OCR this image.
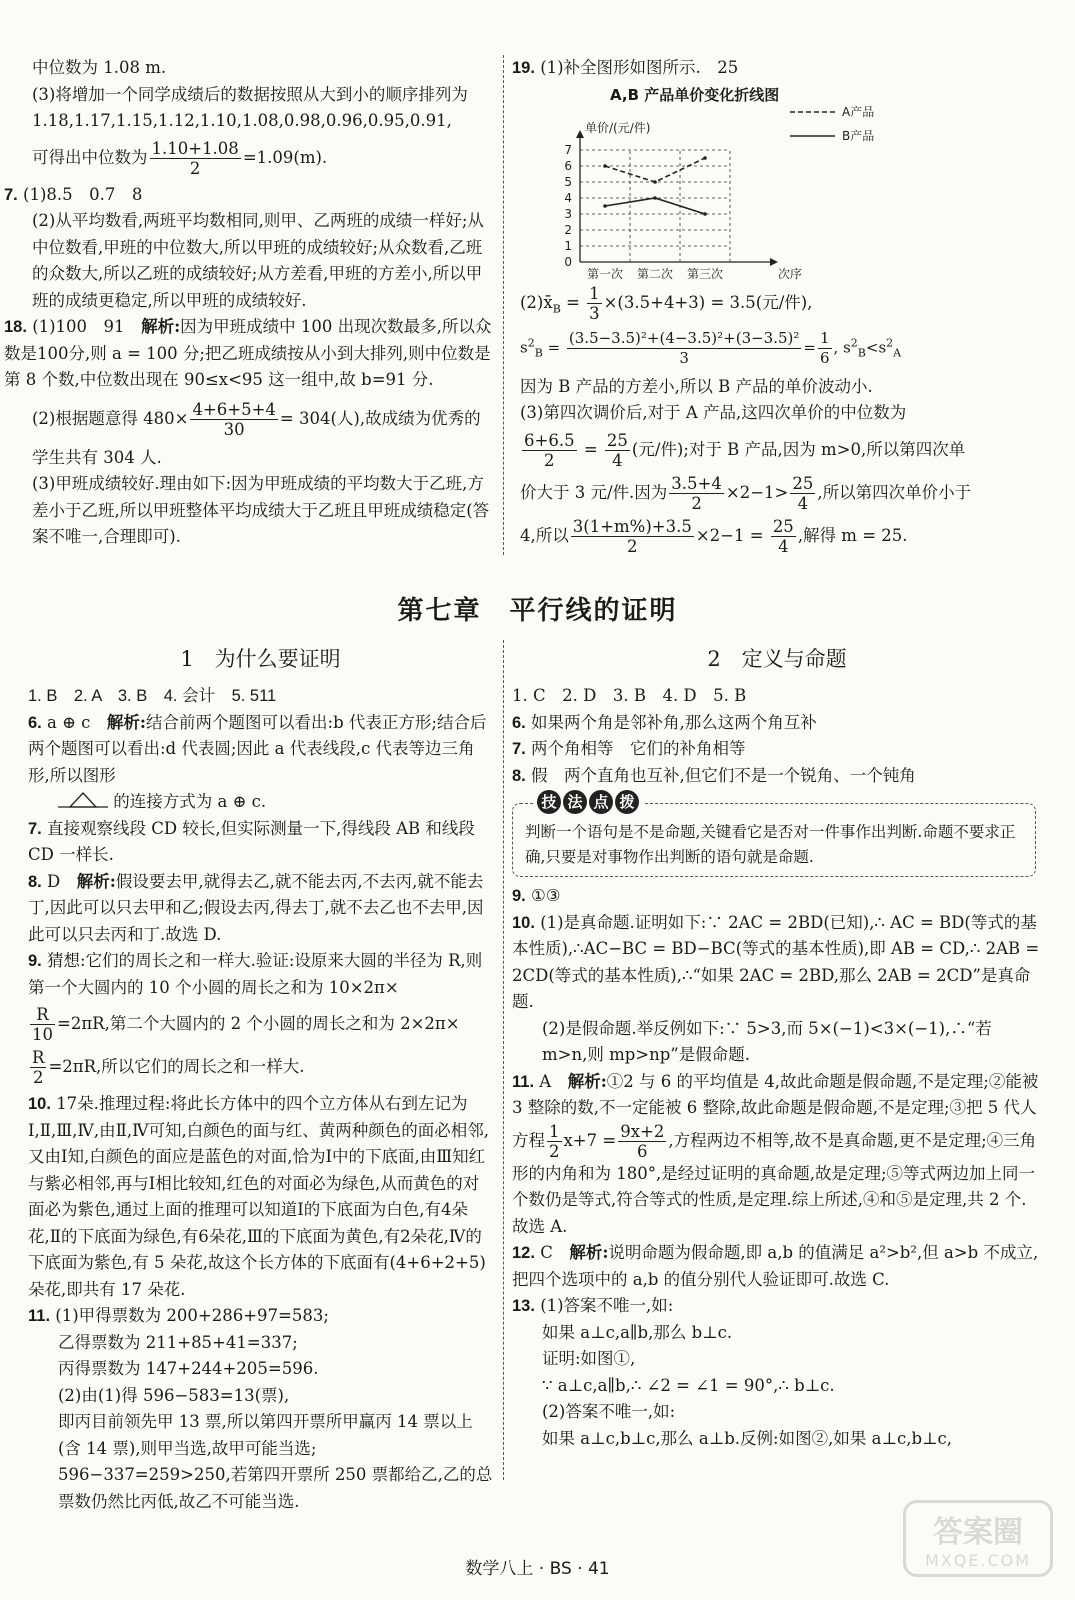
中位数为 1.08 m.

(3)将增加一个同学成绩后的数据按照从大到小的顺序排列为1.18,1.17,1.15,1.12,1.10,1.08,0.98,0.96,0.95,0.91,

可得出中位数为 $\frac{1.10+1.08}{2} =1.09(m)$.

7. (1)8.5　0.7　8

(2)从平均数看,两班平均数相同,则甲、乙两班的成绩一样好;从中位数看,甲班的中位数大,所以甲班的成绩较好;从众数看,乙班的众数大,所以乙班的成绩较好;从方差看,甲班的方差小,所以甲班的成绩更稳定,所以甲班的成绩较好.

18. (1)100　91　解析:因为甲班成绩中 100 出现次数最多,所以众数是100分,则 a = 100 分;把乙班成绩按从小到大排列,则中位数是第 8 个数,中位数出现在 90≤x<95 这一组中,故 b=91 分.

(2)根据题意得 $480\times \frac{4+6+5+4}{30} = 304$(人),故成绩为优秀的

学生共有 304 人.

(3)甲班成绩较好.理由如下:因为甲班成绩的平均数大于乙班,方差小于乙班,所以甲班整体平均成绩大于乙班且甲班成绩稳定(答案不唯一,合理即可).

19. (1)补全图形如图所示.　25

A,B 产品单价变化折线图
0
1
2
3
4
5
6
7
第一次 第二次 第三次	次序
单价/(元/件)
A产品
B产品

$(2)x̄_B = \frac{1}{3} \times(3.5+4+3) = 3.5$(元/件),

$s^2_B = \frac{\text{(3.5−3.5)²+(4−3.5)²+(3−3.5)²}}{3} = \frac{1}{6}$ , $s^2_B<s^2_A$

因为 B 产品的方差小,所以 B 产品的单价波动小.

(3)第四次调价后,对于 A 产品,这四次单价的中位数为

$\frac{6+6.5}{2} = \frac{25}{4}$ (元/件);对于 B 产品,因为 m>0,所以第四次单

价大于 3 元/件.因为 $\frac{3.5+4}{2} \times 2-1> \frac{25}{4}$ ,所以第四次单价小于

4,所以 $\frac{3(1+m\%)+3.5}{2} \times 2-1 = \frac{25}{4}$ ,解得 m = 25.

第七章　平行线的证明
1　为什么要证明	2　定义与命题

1. B　2. A　3. B　4. 会计　5. 511

6. a ⊕ c　解析:结合前两个题图可以看出:b 代表正方形;结合后两个题图可以看出:d 代表圆;因此 a 代表线段,c 代表等边三角形,所以图形

的连接方式为 a ⊕ c.

7. 直接观察线段 CD 较长,但实际测量一下,得线段 AB 和线段 CD 一样长.

8. D　解析:假设要去甲,就得去乙,就不能去丙,不去丙,就不能去丁,因此可以只去甲和乙;假设去丙,得去丁,就不去乙也不去甲,因此可以只去丙和丁.故选 D.

9. 猜想:它们的周长之和一样大.验证:设原来大圆的半径为 R,则第一个大圆内的 10 个小圆的周长之和为 10×2π×

$\frac{R}{10} =2\pi R$,第二个大圆内的 2 个小圆的周长之和为 2×2π×

$\frac{R}{2} =2\pi R$,所以它们的周长之和一样大.

10. 17朵.推理过程:将此长方体中的四个立方体从右到左记为 Ⅰ,Ⅱ,Ⅲ,Ⅳ,由Ⅱ,Ⅳ可知,白颜色的面与红、黄两种颜色的面必相邻,又由Ⅰ知,白颜色的面应是蓝色的对面,恰为Ⅰ中的下底面,由Ⅲ知红与紫必相邻,再与Ⅰ相比较知,红色的对面必为绿色,从而黄色的对面必为紫色,通过上面的推理可以知道Ⅰ的下底面为白色,有4朵花,Ⅱ的下底面为绿色,有6朵花,Ⅲ的下底面为黄色,有2朵花,Ⅳ的下底面为紫色,有 5 朵花,故这个长方体的下底面有(4+6+2+5)朵花,即共有 17 朵花.

11. (1)甲得票数为 200+286+97=583;

乙得票数为 211+85+41=337;

丙得票数为 147+244+205=596.

(2)由(1)得 596−583=13(票),

即丙目前领先甲 13 票,所以第四开票所甲赢丙 14 票以上(含 14 票),则甲当选,故甲可能当选;

596−337=259>250,若第四开票所 250 票都给乙,乙的总票数仍然比丙低,故乙不可能当选.

1. C　2. D　3. B　4. D　5. B

6. 如果两个角是邻补角,那么这两个角互补

7. 两个角相等　它们的补角相等

8. 假　两个直角也互补,但它们不是一个锐角、一个钝角

技 法 点 拨

判断一个语句是不是命题,关键看它是否对一件事作出判断.命题不要求正确,只要是对事物作出判断的语句就是命题.

9. ①③

10. (1)是真命题.证明如下:∵ 2AC = 2BD(已知),∴ AC = BD(等式的基本性质),∴AC−BC = BD−BC(等式的基本性质),即 AB = CD,∴ 2AB = 2CD(等式的基本性质),∴“如果 2AC = 2BD,那么 2AB = 2CD”是真命题.

(2)是假命题.举反例如下:∵ 5>3,而 5×(−1)<3×(−1),∴“若 m>n,则 mp>np”是假命题.

11. A　解析:①2 与 6 的平均值是 4,故此命题是假命题,不是定理;②能被 3 整除的数,不一定能被 6 整除,故此命题是假命题,不是定理;③把 5 代人方程 $\frac{1}{2} x+7 = \frac{9x+2}{6}$ ,方程两边不相等,故不是真命题,更不是定理;④三角形的内角和为 180°,是经过证明的真命题,故是定理;⑤等式两边加上同一个数仍是等式,符合等式的性质,是定理.综上所述,④和⑤是定理,共 2 个.故选 A.

12. C　解析:说明命题为假命题,即 a,b 的值满足 a²>b²,但 a>b 不成立,把四个选项中的 a,b 的值分别代人验证即可.故选 C.

13. (1)答案不唯一,如:

如果 a⊥c,a∥b,那么 b⊥c.

证明:如图①,

∵ a⊥c,a∥b,∴ ∠2 = ∠1 = 90°,∴ b⊥c.

(2)答案不唯一,如:

如果 a⊥c,b⊥c,那么 a⊥b.反例:如图②,如果 a⊥c,b⊥c,

数学八上 · BS · 41
答案圈
MXQE.COM
